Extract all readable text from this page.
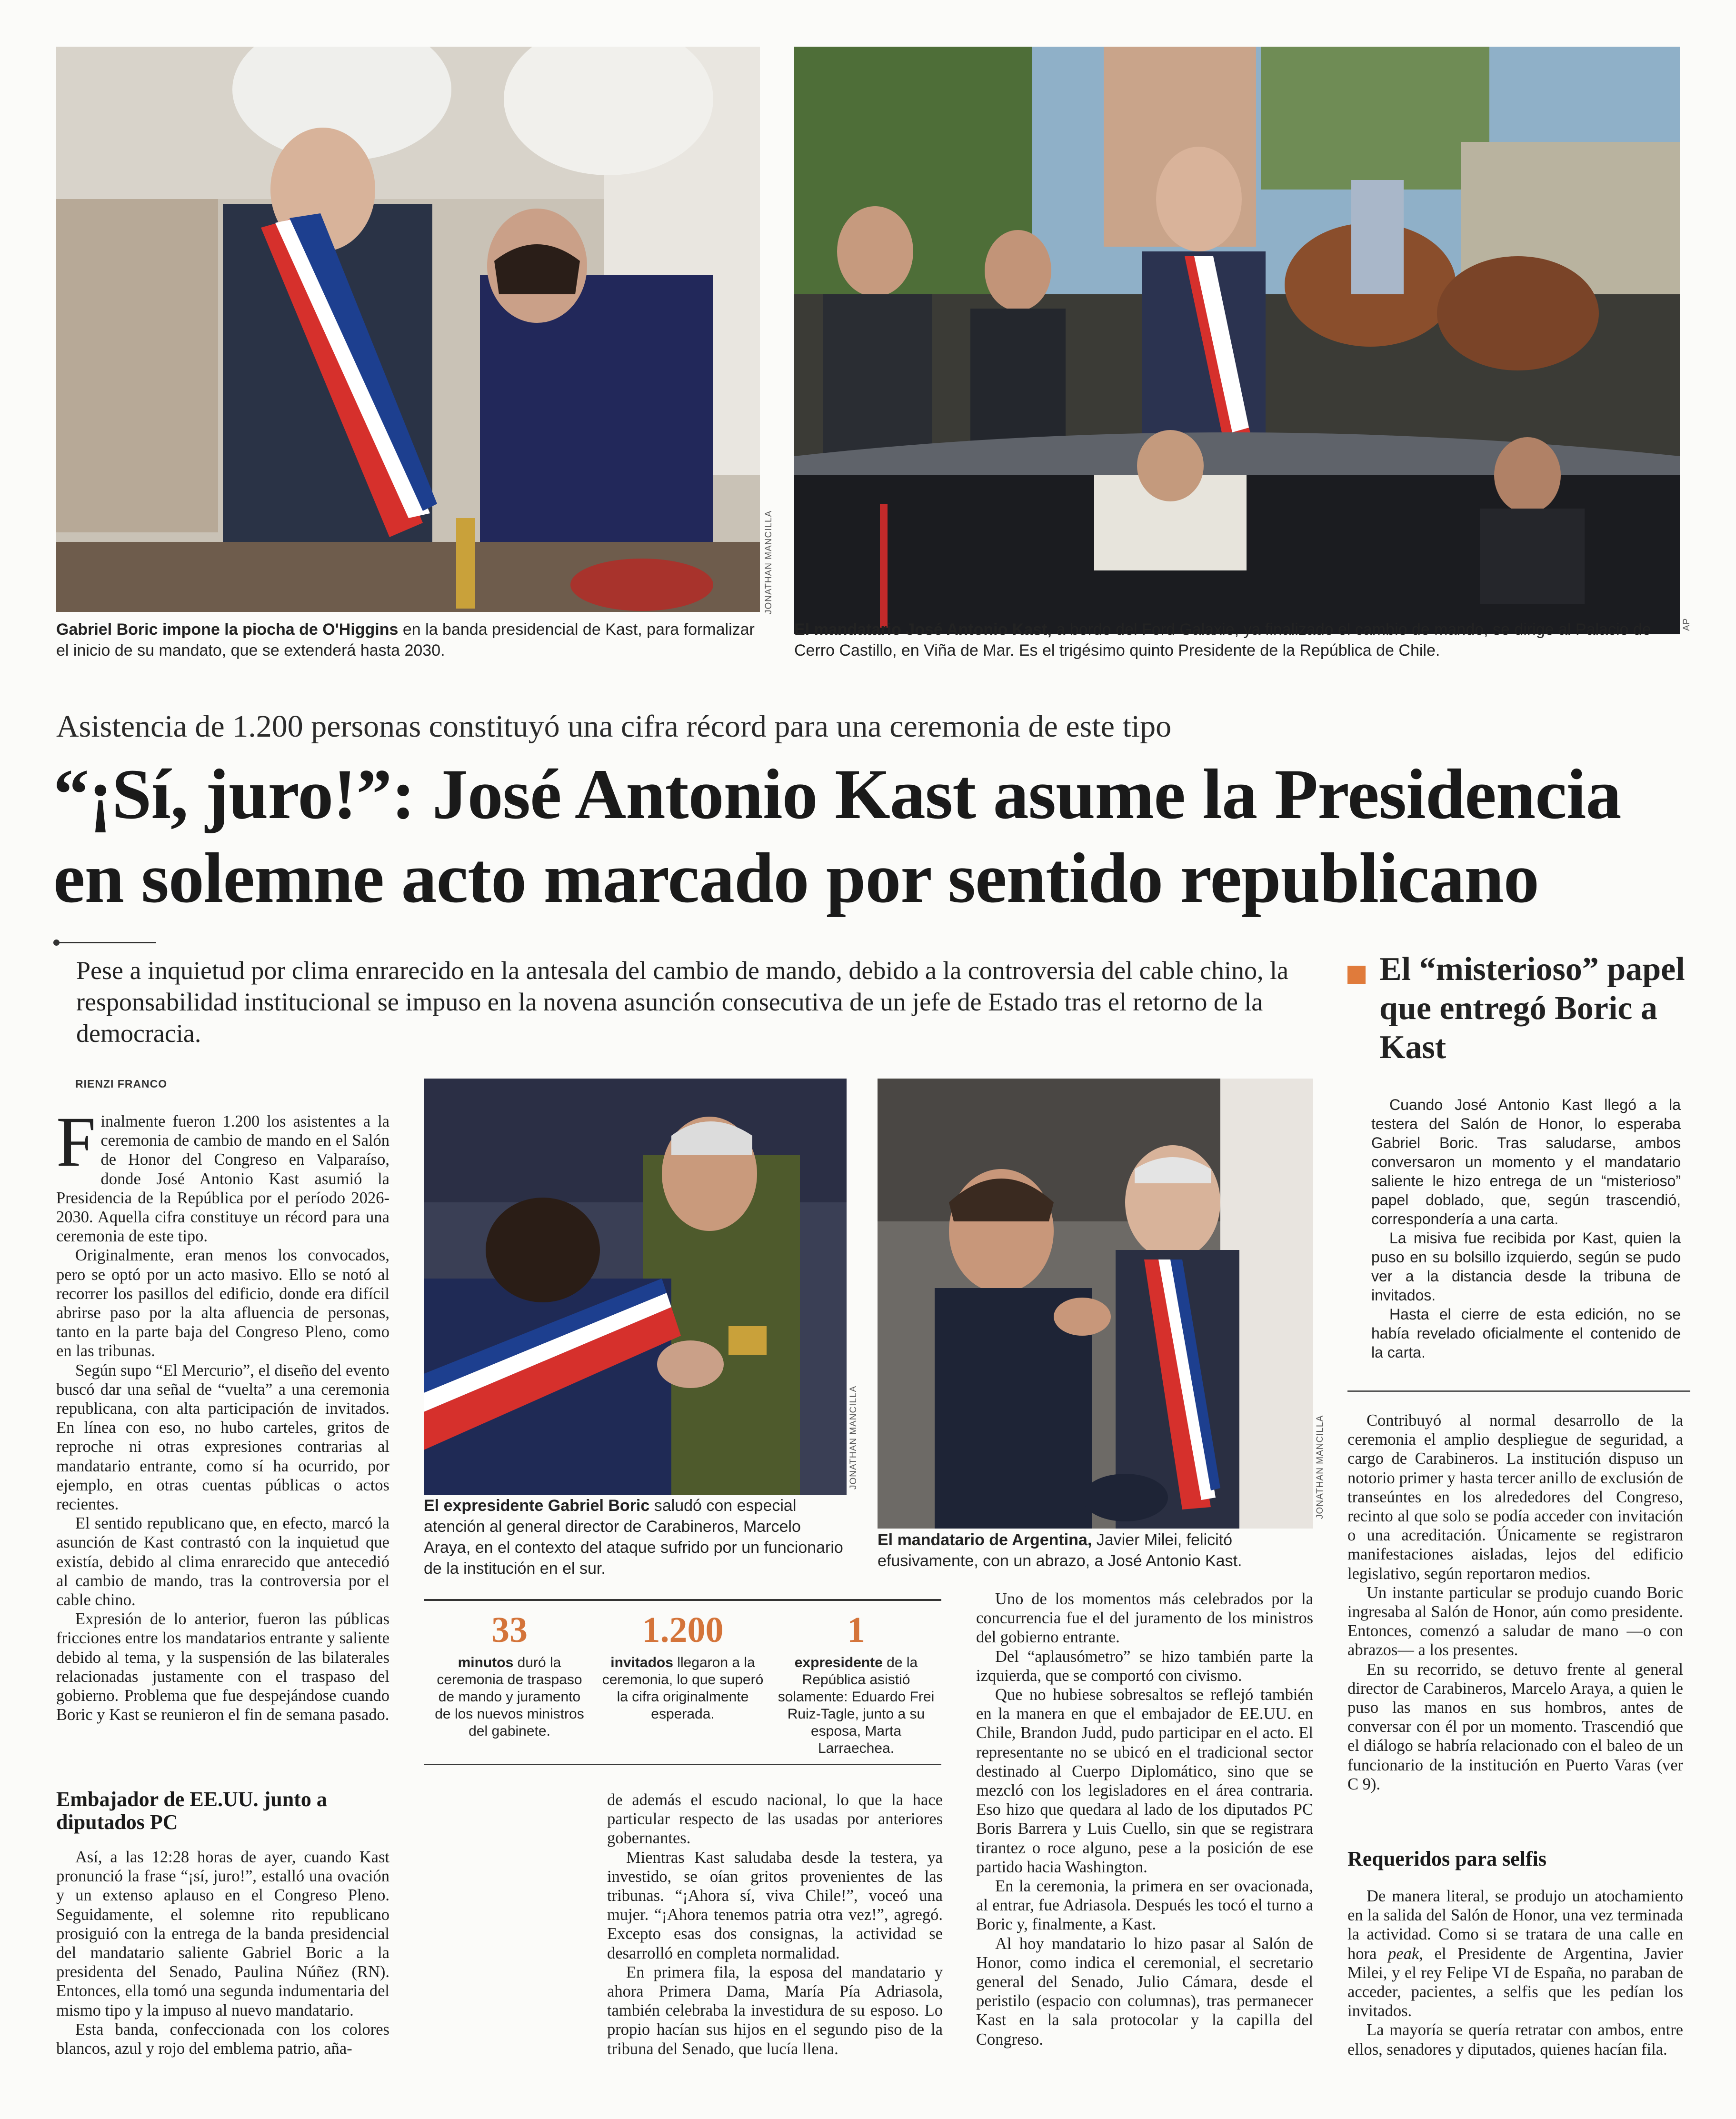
JONATHAN MANCILLA

Gabriel Boric impone la piocha de O'Higgins en la banda presidencial de Kast, para formalizar el inicio de su mandato, que se extenderá hasta 2030.

AP

El mandatario José Antonio Kast, a bordo del Ford Galaxie, ya finalizado el cambio de mando, se dirige al Palacio de Cerro Castillo, en Viña de Mar. Es el trigésimo quinto Presidente de la República de Chile.

Asistencia de 1.200 personas constituyó una cifra récord para una ceremonia de este tipo

“¡Sí, juro!”: José Antonio Kast asume la Presidencia en solemne acto marcado por sentido republicano

Pese a inquietud por clima enrarecido en la antesala del cambio de mando, debido a la controversia del cable chino, la responsabilidad institucional se impuso en la novena asunción consecutiva de un jefe de Estado tras el retorno de la democracia.

RIENZI FRANCO

El “misterioso” papel que entregó Boric a Kast

Cuando José Antonio Kast llegó a la testera del Salón de Honor, lo esperaba Gabriel Boric. Tras saludarse, ambos conversaron un momento y el mandatario saliente le hizo entrega de un “misterioso” papel doblado, que, según trascendió, correspondería a una carta.

La misiva fue recibida por Kast, quien la puso en su bolsillo izquierdo, según se pudo ver a la distancia desde la tribuna de invitados.

Hasta el cierre de esta edición, no se había revelado oficialmente el contenido de la carta.

Finalmente fueron 1.200 los asistentes a la ceremonia de cambio de mando en el Salón de Honor del Congreso en Valparaíso, donde José Antonio Kast asumió la Presidencia de la República por el período 2026-2030. Aquella cifra constituye un récord para una ceremonia de este tipo.

Originalmente, eran menos los convocados, pero se optó por un acto masivo. Ello se notó al recorrer los pasillos del edificio, donde era difícil abrirse paso por la alta afluencia de personas, tanto en la parte baja del Congreso Pleno, como en las tribunas.

Según supo “El Mercurio”, el diseño del evento buscó dar una señal de “vuelta” a una ceremonia republicana, con alta participación de invitados. En línea con eso, no hubo carteles, gritos de reproche ni otras expresiones contrarias al mandatario entrante, como sí ha ocurrido, por ejemplo, en otras cuentas públicas o actos recientes.

El sentido republicano que, en efecto, marcó la asunción de Kast contrastó con la inquietud que existía, debido al clima enrarecido que antecedió al cambio de mando, tras la controversia por el cable chino.

Expresión de lo anterior, fueron las públicas fricciones entre los mandatarios entrante y saliente debido al tema, y la suspensión de las bilaterales relacionadas justamente con el traspaso del gobierno. Problema que fue despejándose cuando Boric y Kast se reunieron el fin de semana pasado.

Embajador de EE.UU. junto a diputados PC

Así, a las 12:28 horas de ayer, cuando Kast pronunció la frase “¡sí, juro!”, estalló una ovación y un extenso aplauso en el Congreso Pleno. Seguidamente, el solemne rito republicano prosiguió con la entrega de la banda presidencial del mandatario saliente Gabriel Boric a la presidenta del Senado, Paulina Núñez (RN). Entonces, ella tomó una segunda indumentaria del mismo tipo y la impuso al nuevo mandatario.

Esta banda, confeccionada con los colores blancos, azul y rojo del emblema patrio, aña-

JONATHAN MANCILLA

El expresidente Gabriel Boric saludó con especial atención al general director de Carabineros, Marcelo Araya, en el contexto del ataque sufrido por un funcionario de la institución en el sur.

JONATHAN MANCILLA

El mandatario de Argentina, Javier Milei, felicitó efusivamente, con un abrazo, a José Antonio Kast.

33
minutos duró la ceremonia de traspaso de mando y juramento de los nuevos ministros del gabinete.
1.200
invitados llegaron a la ceremonia, lo que superó la cifra originalmente esperada.
1
expresidente de la República asistió solamente: Eduardo Frei Ruiz-Tagle, junto a su esposa, Marta Larraechea.

de además el escudo nacional, lo que la hace particular respecto de las usadas por anteriores gobernantes.

Mientras Kast saludaba desde la testera, ya investido, se oían gritos provenientes de las tribunas. “¡Ahora sí, viva Chile!”, voceó una mujer. “¡Ahora tenemos patria otra vez!”, agregó. Excepto esas dos consignas, la actividad se desarrolló en completa normalidad.

En primera fila, la esposa del mandatario y ahora Primera Dama, María Pía Adriasola, también celebraba la investidura de su esposo. Lo propio hacían sus hijos en el segundo piso de la tribuna del Senado, que lucía llena.

Uno de los momentos más celebrados por la concurrencia fue el del juramento de los ministros del gobierno entrante.

Del “aplausómetro” se hizo también parte la izquierda, que se comportó con civismo.

Que no hubiese sobresaltos se reflejó también en la manera en que el embajador de EE.UU. en Chile, Brandon Judd, pudo participar en el acto. El representante no se ubicó en el tradicional sector destinado al Cuerpo Diplomático, sino que se mezcló con los legisladores en el área contraria. Eso hizo que quedara al lado de los diputados PC Boris Barrera y Luis Cuello, sin que se registrara tirantez o roce alguno, pese a la posición de ese partido hacia Washington.

En la ceremonia, la primera en ser ovacionada, al entrar, fue Adriasola. Después les tocó el turno a Boric y, finalmente, a Kast.

Al hoy mandatario lo hizo pasar al Salón de Honor, como indica el ceremonial, el secretario general del Senado, Julio Cámara, desde el peristilo (espacio con columnas), tras permanecer Kast en la sala protocolar y la capilla del Congreso.

Contribuyó al normal desarrollo de la ceremonia el amplio despliegue de seguridad, a cargo de Carabineros. La institución dispuso un notorio primer y hasta tercer anillo de exclusión de transeúntes en los alrededores del Congreso, recinto al que solo se podía acceder con invitación o una acreditación. Únicamente se registraron manifestaciones aisladas, lejos del edificio legislativo, según reportaron medios.

Un instante particular se produjo cuando Boric ingresaba al Salón de Honor, aún como presidente. Entonces, comenzó a saludar de mano —o con abrazos— a los presentes.

En su recorrido, se detuvo frente al general director de Carabineros, Marcelo Araya, a quien le puso las manos en sus hombros, antes de conversar con él por un momento. Trascendió que el diálogo se habría relacionado con el baleo de un funcionario de la institución en Puerto Varas (ver C 9).

Requeridos para selfis

De manera literal, se produjo un atochamiento en la salida del Salón de Honor, una vez terminada la actividad. Como si se tratara de una calle en hora peak, el Presidente de Argentina, Javier Milei, y el rey Felipe VI de España, no paraban de acceder, pacientes, a selfis que les pedían los invitados.

La mayoría se quería retratar con ambos, entre ellos, senadores y diputados, quienes hacían fila.
